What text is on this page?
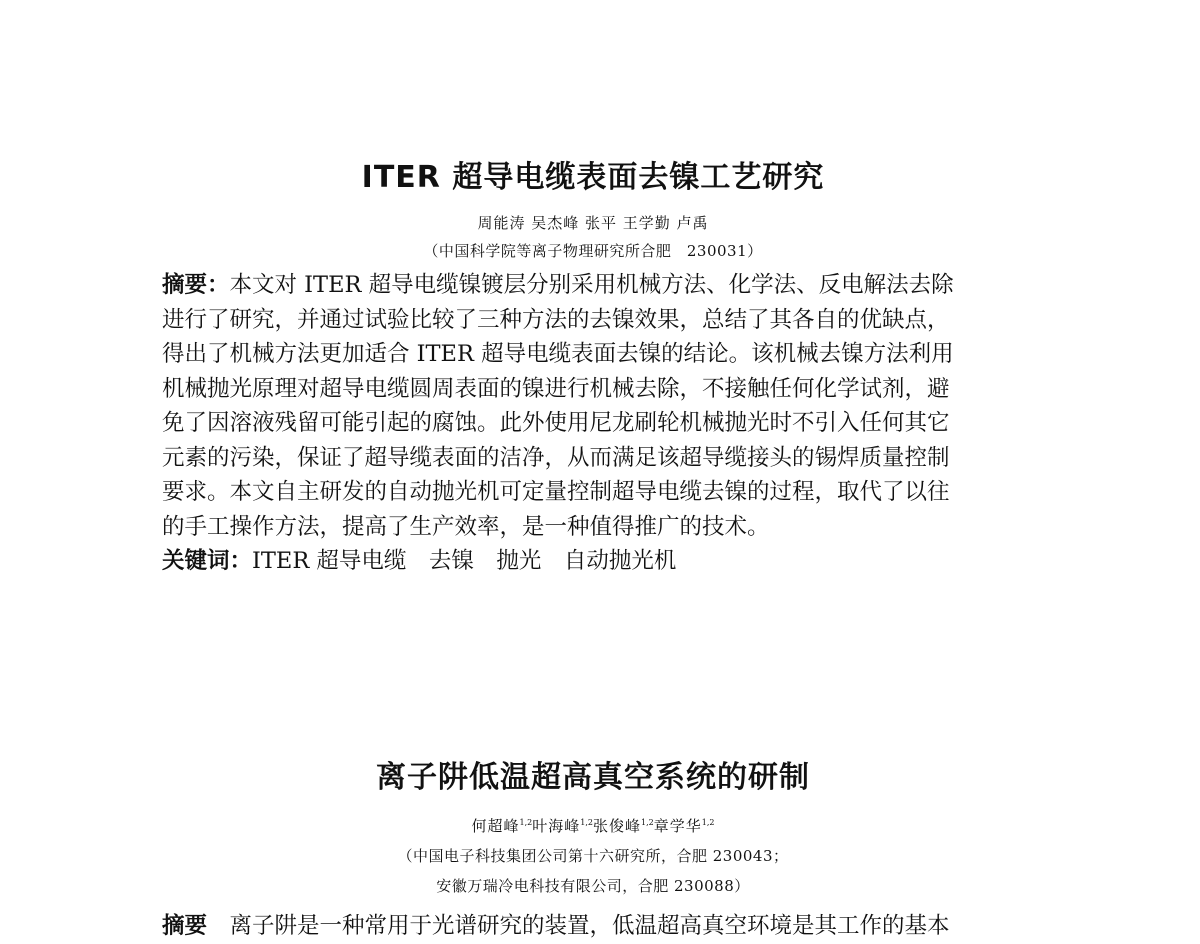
ITER 超导电缆表面去镍工艺研究
周能涛 吴杰峰 张平 王学勤 卢禹
（中国科学院等离子物理研究所合肥　230031）
摘要：本文对 ITER 超导电缆镍镀层分别采用机械方法、化学法、反电解法去除
进行了研究，并通过试验比较了三种方法的去镍效果，总结了其各自的优缺点，
得出了机械方法更加适合 ITER 超导电缆表面去镍的结论。该机械去镍方法利用
机械抛光原理对超导电缆圆周表面的镍进行机械去除，不接触任何化学试剂，避
免了因溶液残留可能引起的腐蚀。此外使用尼龙刷轮机械抛光时不引入任何其它
元素的污染，保证了超导缆表面的洁净，从而满足该超导缆接头的锡焊质量控制
要求。本文自主研发的自动抛光机可定量控制超导电缆去镍的过程，取代了以往
的手工操作方法，提高了生产效率，是一种值得推广的技术。
关键词：ITER 超导电缆　去镍　抛光　自动抛光机
离子阱低温超高真空系统的研制
何超峰$^{1,2}$叶海峰$^{1,2}$张俊峰$^{1,2}$章学华$^{1,2}$
（中国电子科技集团公司第十六研究所，合肥 230043；
安徽万瑞冷电科技有限公司，合肥 230088）
摘要　 离子阱是一种常用于光谱研究的装置，低温超高真空环境是其工作的基本
